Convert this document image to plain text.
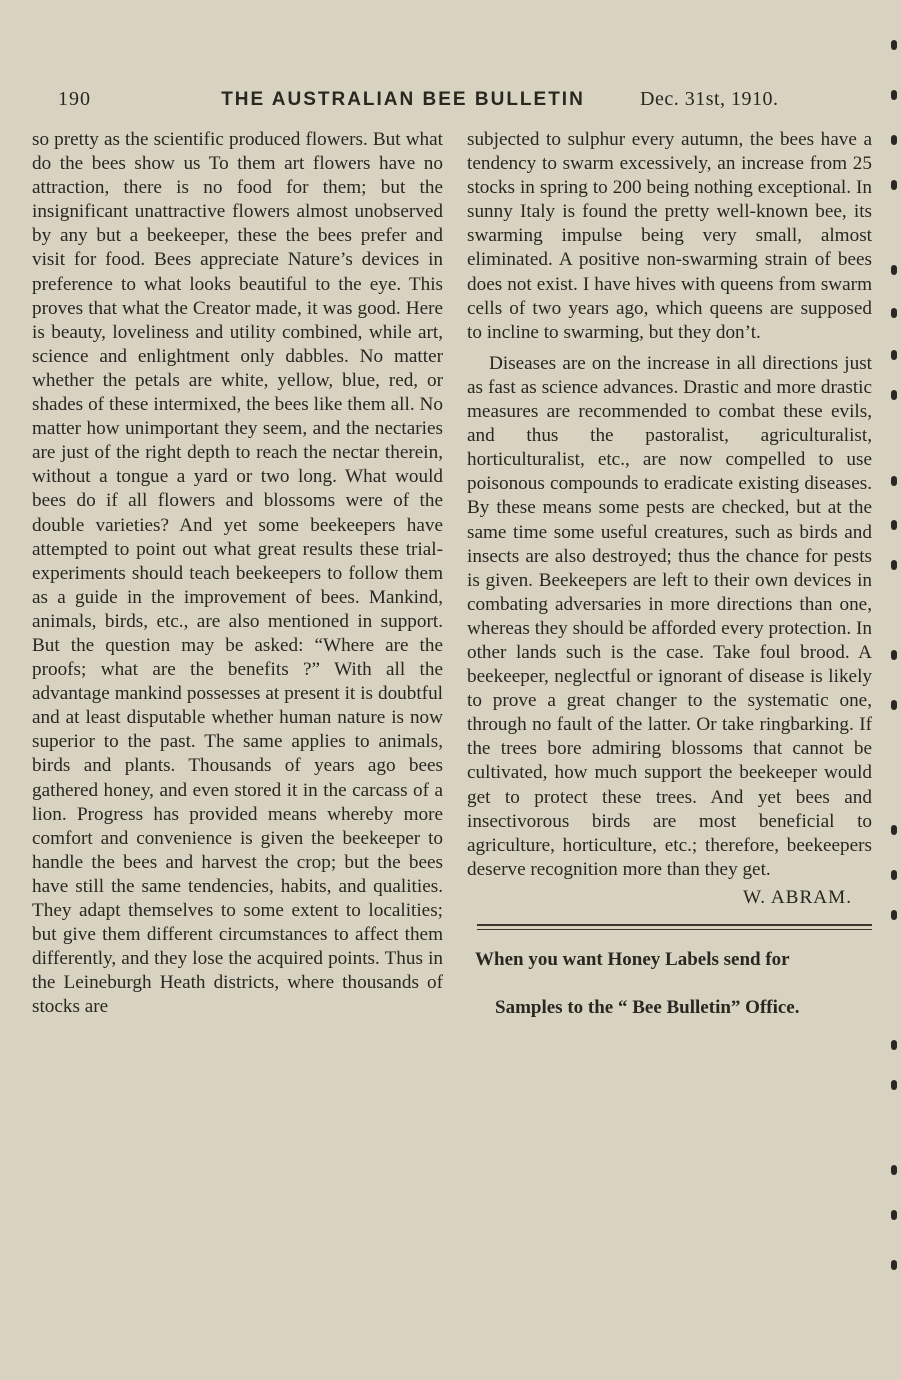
190	THE AUSTRALIAN BEE BULLETIN	Dec. 31st, 1910.

so pretty as the scientific produced flowers. But what do the bees show us To them art flowers have no attraction, there is no food for them; but the insignificant unattractive flowers almost unobserved by any but a beekeeper, these the bees prefer and visit for food. Bees appreciate Nature’s devices in preference to what looks beautiful to the eye. This proves that what the Creator made, it was good. Here is beauty, loveliness and utility combined, while art, science and enlightment only dabbles. No matter whether the petals are white, yellow, blue, red, or shades of these intermixed, the bees like them all. No matter how unimportant they seem, and the nectaries are just of the right depth to reach the nectar therein, without a tongue a yard or two long. What would bees do if all flowers and blossoms were of the double varieties? And yet some beekeepers have attempted to point out what great results these trial-experiments should teach beekeepers to follow them as a guide in the improvement of bees. Mankind, animals, birds, etc., are also mentioned in support. But the question may be asked: “Where are the proofs; what are the benefits ?” With all the advantage mankind possesses at present it is doubtful and at least disputable whether human nature is now superior to the past. The same applies to animals, birds and plants. Thousands of years ago bees gathered honey, and even stored it in the carcass of a lion. Progress has provided means whereby more comfort and convenience is given the beekeeper to handle the bees and harvest the crop; but the bees have still the same tendencies, habits, and qualities. They adapt themselves to some extent to localities; but give them different circumstances to affect them differently, and they lose the acquired points. Thus in the Leineburgh Heath districts, where thousands of stocks are

subjected to sulphur every autumn, the bees have a tendency to swarm excessively, an increase from 25 stocks in spring to 200 being nothing exceptional. In sunny Italy is found the pretty well-known bee, its swarming impulse being very small, almost eliminated. A positive non-swarming strain of bees does not exist. I have hives with queens from swarm cells of two years ago, which queens are supposed to incline to swarming, but they don’t.

Diseases are on the increase in all directions just as fast as science advances. Drastic and more drastic measures are recommended to combat these evils, and thus the pastoralist, agriculturalist, horticulturalist, etc., are now compelled to use poisonous compounds to eradicate existing diseases. By these means some pests are checked, but at the same time some useful creatures, such as birds and insects are also destroyed; thus the chance for pests is given. Beekeepers are left to their own devices in combating adversaries in more directions than one, whereas they should be afforded every protection. In other lands such is the case. Take foul brood. A beekeeper, neglectful or ignorant of disease is likely to prove a great changer to the systematic one, through no fault of the latter. Or take ringbarking. If the trees bore admiring blossoms that cannot be cultivated, how much support the beekeeper would get to protect these trees. And yet bees and insectivorous birds are most beneficial to agriculture, horticulture, etc.; therefore, beekeepers deserve recognition more than they get.

W. ABRAM.
When you want Honey Labels send for
Samples to the “ Bee Bulletin” Office.
